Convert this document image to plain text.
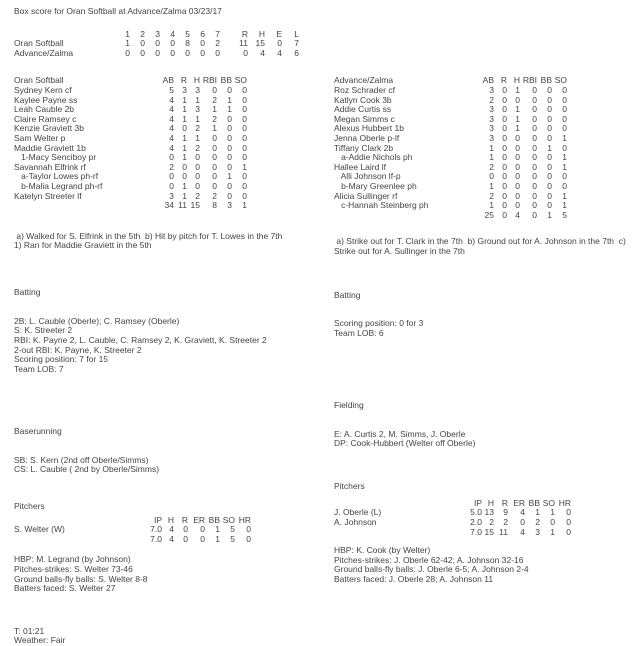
Box score for Oran Softball at Advance/Zalma 03/23/17
	1	2	3	4	5	6	7	R	H	E	L
Oran Softball	1	0	0	0	8	0	2	11	15	0	7
Advance/Zalma	0	0	0	0	0	0	0	0	4	4	6
Oran Softball	AB	R	H	RBI	BB	SO
Sydney Kern cf	5	3	3	0	0	0
Kaylee Payne ss	4	1	1	2	1	0
Leah Cauble 2b	4	1	3	1	1	0
Claire Ramsey c	4	1	1	2	0	0
Kenzie Graviett 3b	4	0	2	1	0	0
Sam Welter p	4	1	1	0	0	0
Maddie Graviett 1b	4	1	2	0	0	0
1-Macy Senciboy pr	0	1	0	0	0	0
Savannah Elfrink rf	2	0	0	0	0	1
a-Taylor Lowes ph-rf	0	0	0	0	1	0
b-Malia Legrand ph-rf	0	1	0	0	0	0
Katelyn Streeter lf	3	1	2	2	0	0
	34	11	15	8	3	1
a) Walked for S. Elfrink in the 5th  b) Hit by pitch for T. Lowes in the 7th
1) Ran for Maddie Graviett in the 5th

Batting

2B: L. Cauble (Oberle); C. Ramsey (Oberle)
S: K. Streeter 2
RBI: K. Payne 2, L. Cauble, C. Ramsey 2, K. Graviett, K. Streeter 2
2-out RBI: K. Payne, K. Streeter 2
Scoring position: 7 for 15
Team LOB: 7

Baserunning

SB: S. Kern (2nd off Oberle/Simms)
CS: L. Cauble ( 2nd by Oberle/Simms)

Pitchers
	IP	H	R	ER	BB	SO	HR
S. Welter (W)	7.0	4	0	0	1	5	0
	7.0	4	0	0	1	5	0
HBP: M. Legrand (by Johnson)
Pitches-strikes: S. Welter 73-46
Ground balls-fly balls: S. Welter 8-8
Batters faced: S. Welter 27
Advance/Zalma	AB	R	H	RBI	BB	SO
Roz Schrader cf	3	0	1	0	0	0
Katlyn Cook 3b	2	0	0	0	0	0
Addie Curtis ss	3	0	1	0	0	0
Megan Simms c	3	0	1	0	0	0
Alexus Hubbert 1b	3	0	1	0	0	0
Jenna Oberle p-lf	3	0	0	0	0	1
Tiffany Clark 2b	1	0	0	0	1	0
a-Addie Nichols ph	1	0	0	0	0	1
Hallee Laird lf	2	0	0	0	0	1
Alli Johnson lf-p	0	0	0	0	0	0
b-Mary Greenlee ph	1	0	0	0	0	0
Alicia Sullinger rf	2	0	0	0	0	1
c-Hannah Steinberg ph	1	0	0	0	0	1
	25	0	4	0	1	5
a) Strike out for T. Clark in the 7th  b) Ground out for A. Johnson in the 7th  c) Strike out for A. Sullinger in the 7th

Batting

Scoring position: 0 for 3
Team LOB: 6

Fielding

E: A. Curtis 2, M. Simms, J. Oberle
DP: Cook-Hubbert (Welter off Oberle)

Pitchers
	IP	H	R	ER	BB	SO	HR
J. Oberle (L)	5.0	13	9	4	1	1	0
A. Johnson	2.0	2	2	0	2	0	0
	7.0	15	11	4	3	1	0
HBP: K. Cook (by Welter)
Pitches-strikes: J. Oberle 62-42; A. Johnson 32-16
Ground balls-fly balls: J. Oberle 6-5; A. Johnson 2-4
Batters faced: J. Oberle 28; A. Johnson 11
T: 01:21
Weather: Fair
